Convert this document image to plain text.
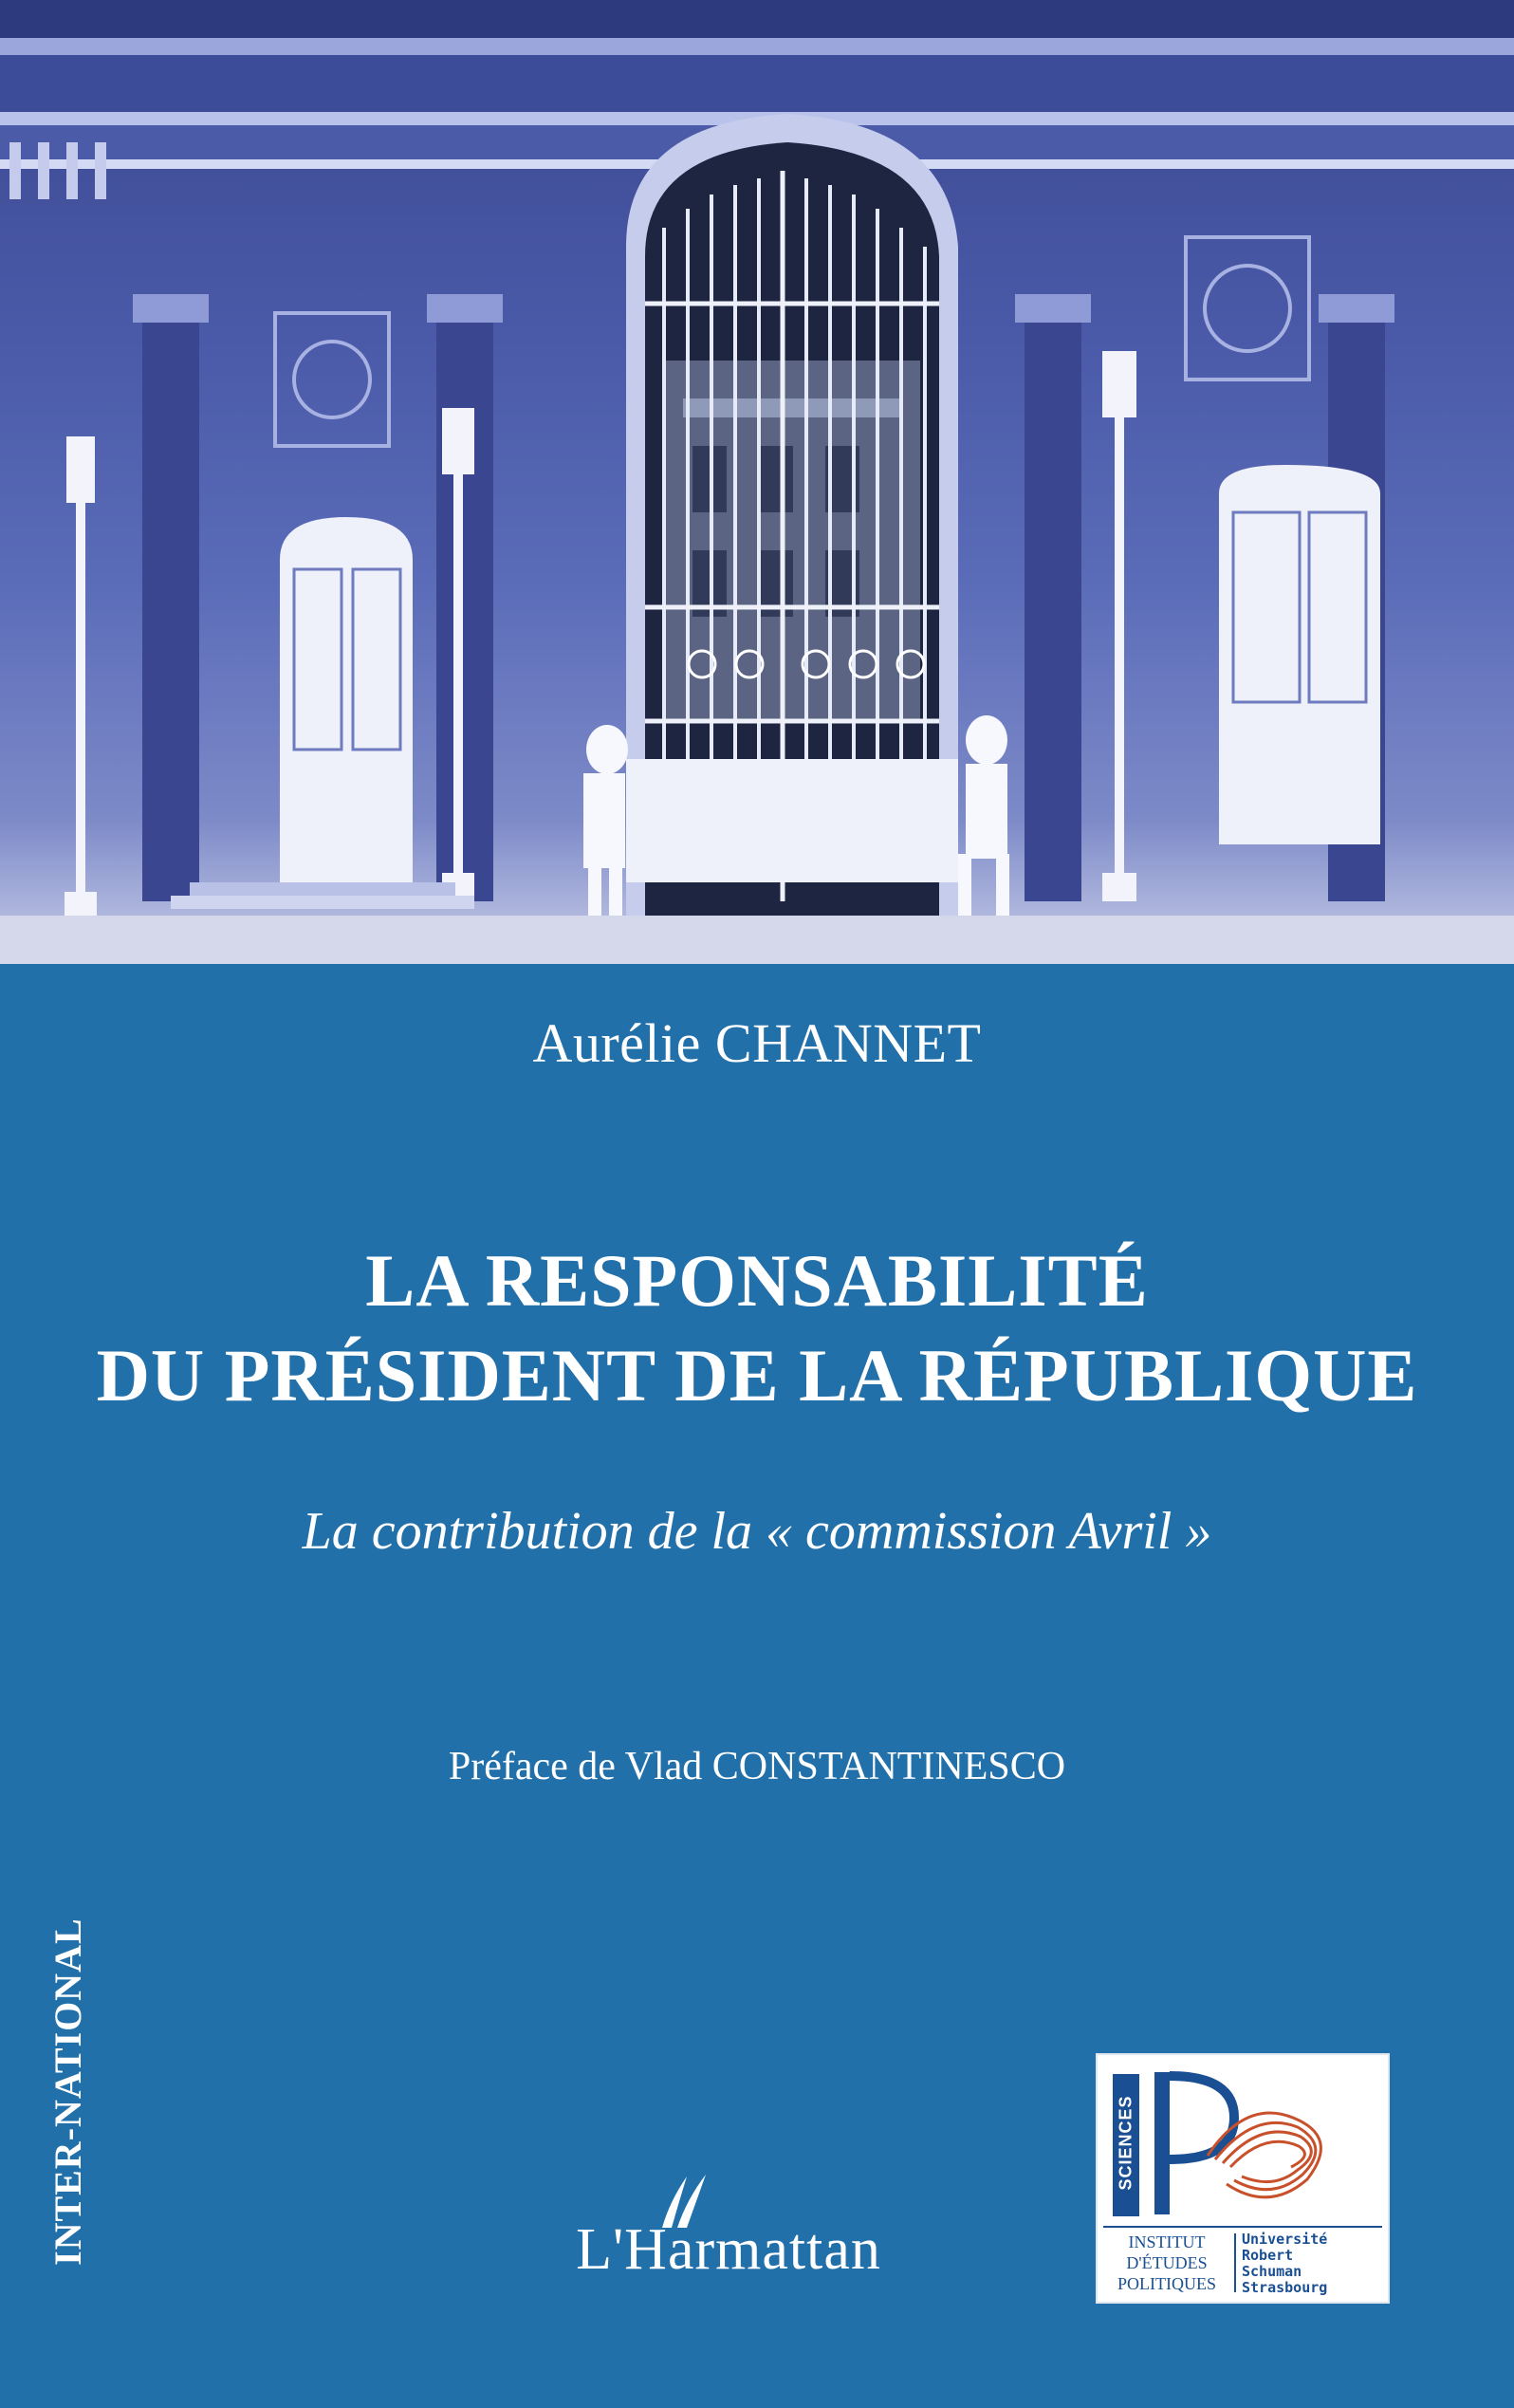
Aurélie CHANNET
LA RESPONSABILITÉ
DU PRÉSIDENT DE LA RÉPUBLIQUE
La contribution de la « commission Avril »
Préface de Vlad CONSTANTINESCO
INTER-NATIONAL	L'Harmattan
SCIENCES
INSTITUT
D'ÉTUDES
POLITIQUES
Université
Robert
Schuman
Strasbourg
